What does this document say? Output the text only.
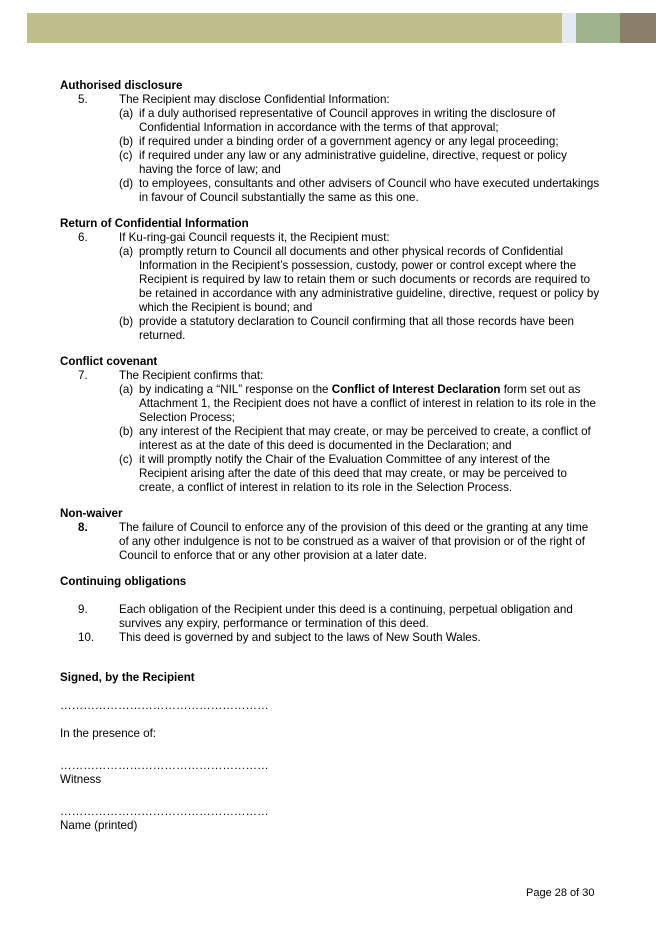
Authorised disclosure

5.	The Recipient may disclose Confidential Information:
(a) if a duly authorised representative of Council approves in writing the disclosure of Confidential Information in accordance with the terms of that approval;
(b) if required under a binding order of a government agency or any legal proceeding;
(c) if required under any law or any administrative guideline, directive, request or policy having the force of law; and
(d) to employees, consultants and other advisers of Council who have executed undertakings in favour of Council substantially the same as this one.

Return of Confidential Information

6.	If Ku-ring-gai Council requests it, the Recipient must:
(a) promptly return to Council all documents and other physical records of Confidential Information in the Recipient’s possession, custody, power or control except where the Recipient is required by law to retain them or such documents or records are required to be retained in accordance with any administrative guideline, directive, request or policy by which the Recipient is bound; and
(b) provide a statutory declaration to Council confirming that all those records have been returned.

Conflict covenant

7.	The Recipient confirms that:
(a) by indicating a “NIL” response on the Conflict of Interest Declaration form set out as Attachment 1, the Recipient does not have a conflict of interest in relation to its role in the Selection Process;
(b) any interest of the Recipient that may create, or may be perceived to create, a conflict of interest as at the date of this deed is documented in the Declaration; and
(c) it will promptly notify the Chair of the Evaluation Committee of any interest of the Recipient arising after the date of this deed that may create, or may be perceived to create, a conflict of interest in relation to its role in the Selection Process.

Non-waiver

8.	The failure of Council to enforce any of the provision of this deed or the granting at any time of any other indulgence is not to be construed as a waiver of that provision or of the right of Council to enforce that or any other provision at a later date.

Continuing obligations

9.	Each obligation of the Recipient under this deed is a continuing, perpetual obligation and survives any expiry, performance or termination of this deed.
10.	This deed is governed by and subject to the laws of New South Wales.

Signed, by the Recipient

………………………………………………
In the presence of:
………………………………………………
Witness
………………………………………………
Name (printed)
Page 28 of 30
